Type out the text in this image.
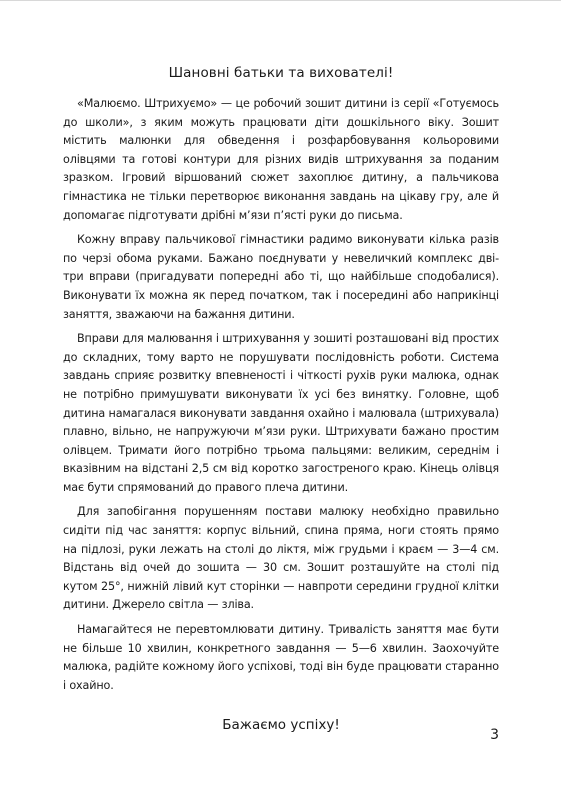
Шановні батьки та вихователі!

«Малюємо. Штрихуємо» — це робочий зошит дитини із серії «Готуємось до школи», з яким можуть працювати діти дошкільного віку. Зошит містить малюнки для обведення і розфарбовування кольоровими олівцями та готові контури для різних видів штрихування за поданим зразком. Ігровий віршований сюжет захоплює дитину, а пальчикова гімнастика не тільки перетворює виконання завдань на цікаву гру, але й допомагає підготувати дрібні м’язи п’ясті руки до письма.

Кожну вправу пальчикової гімнастики радимо виконувати кілька разів по черзі обома руками. Бажано поєднувати у невеличкий комплекс дві-три вправи (пригадувати попередні або ті, що найбільше сподобалися). Виконувати їх можна як перед початком, так і посередині або наприкінці заняття, зважаючи на бажання дитини.

Вправи для малювання і штрихування у зошиті розташовані від простих до складних, тому варто не порушувати послідовність роботи. Система завдань сприяє розвитку впевненості і чіткості рухів руки малюка, однак не потрібно примушувати виконувати їх усі без винятку. Головне, щоб дитина намагалася виконувати завдання охайно і малювала (штрихувала) плавно, вільно, не напружуючи м’язи руки. Штрихувати бажано простим олівцем. Тримати його потрібно трьома пальцями: великим, середнім і вказівним на відстані 2,5 см від коротко загостреного краю. Кінець олівця має бути спрямований до правого плеча дитини.

Для запобігання порушенням постави малюку необхідно правильно сидіти під час заняття: корпус вільний, спина пряма, ноги стоять прямо на підлозі, руки лежать на столі до ліктя, між грудьми і краєм — 3—4 см. Відстань від очей до зошита — 30 см. Зошит розташуйте на столі під кутом 25°, нижній лівий кут сторінки — навпроти середини грудної клітки дитини. Джерело світла — зліва.

Намагайтеся не перевтомлювати дитину. Тривалість заняття має бути не більше 10 хвилин, конкретного завдання — 5—6 хвилин. Заохочуйте малюка, радійте кожному його успіхові, тоді він буде працювати старанно і охайно.

Бажаємо успіху!

3
